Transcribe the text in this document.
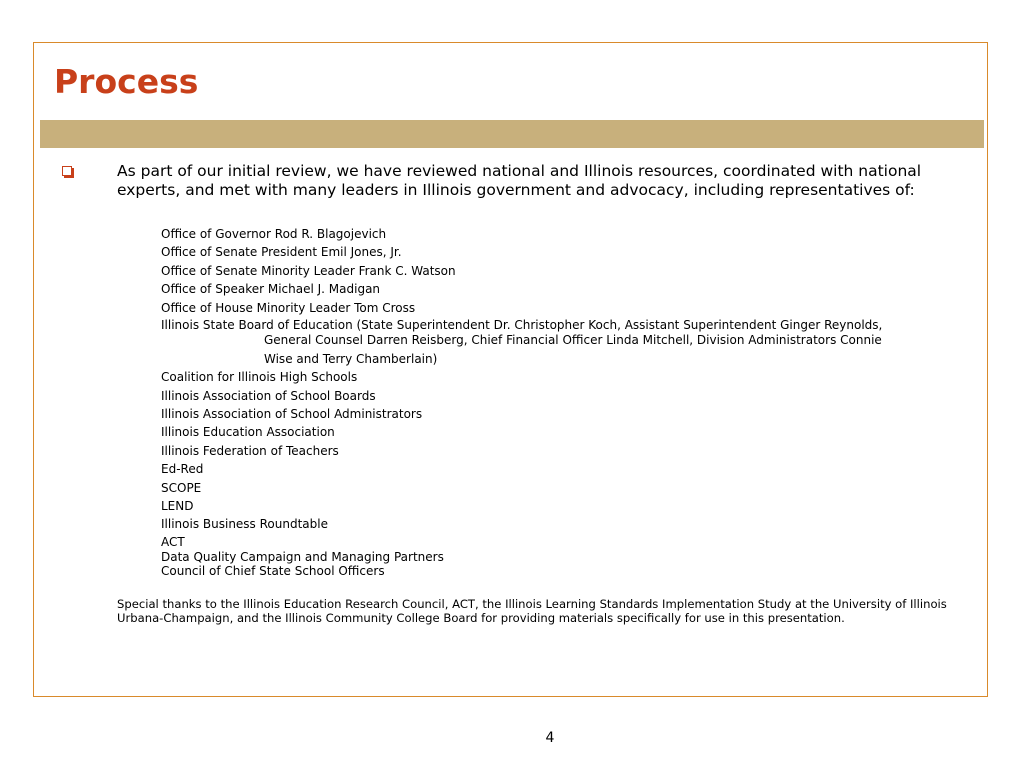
Process

As part of our initial review, we have reviewed national and Illinois resources, coordinated with national experts, and met with many leaders in Illinois government and advocacy, including representatives of:

Office of Governor Rod R. Blagojevich
Office of Senate President Emil Jones, Jr.
Office of Senate Minority Leader Frank C. Watson
Office of Speaker Michael J. Madigan
Office of House Minority Leader Tom Cross
Illinois State Board of Education (State Superintendent Dr. Christopher Koch, Assistant Superintendent Ginger Reynolds,
General Counsel Darren Reisberg, Chief Financial Officer Linda Mitchell, Division Administrators Connie
Wise and Terry Chamberlain)
Coalition for Illinois High Schools
Illinois Association of School Boards
Illinois Association of School Administrators
Illinois Education Association
Illinois Federation of Teachers
Ed-Red
SCOPE
LEND
Illinois Business Roundtable
ACT
Data Quality Campaign and Managing Partners
Council of Chief State School Officers

Special thanks to the Illinois Education Research Council, ACT, the Illinois Learning Standards Implementation Study at the University of Illinois Urbana-Champaign, and the Illinois Community College Board for providing materials specifically for use in this presentation.

4
